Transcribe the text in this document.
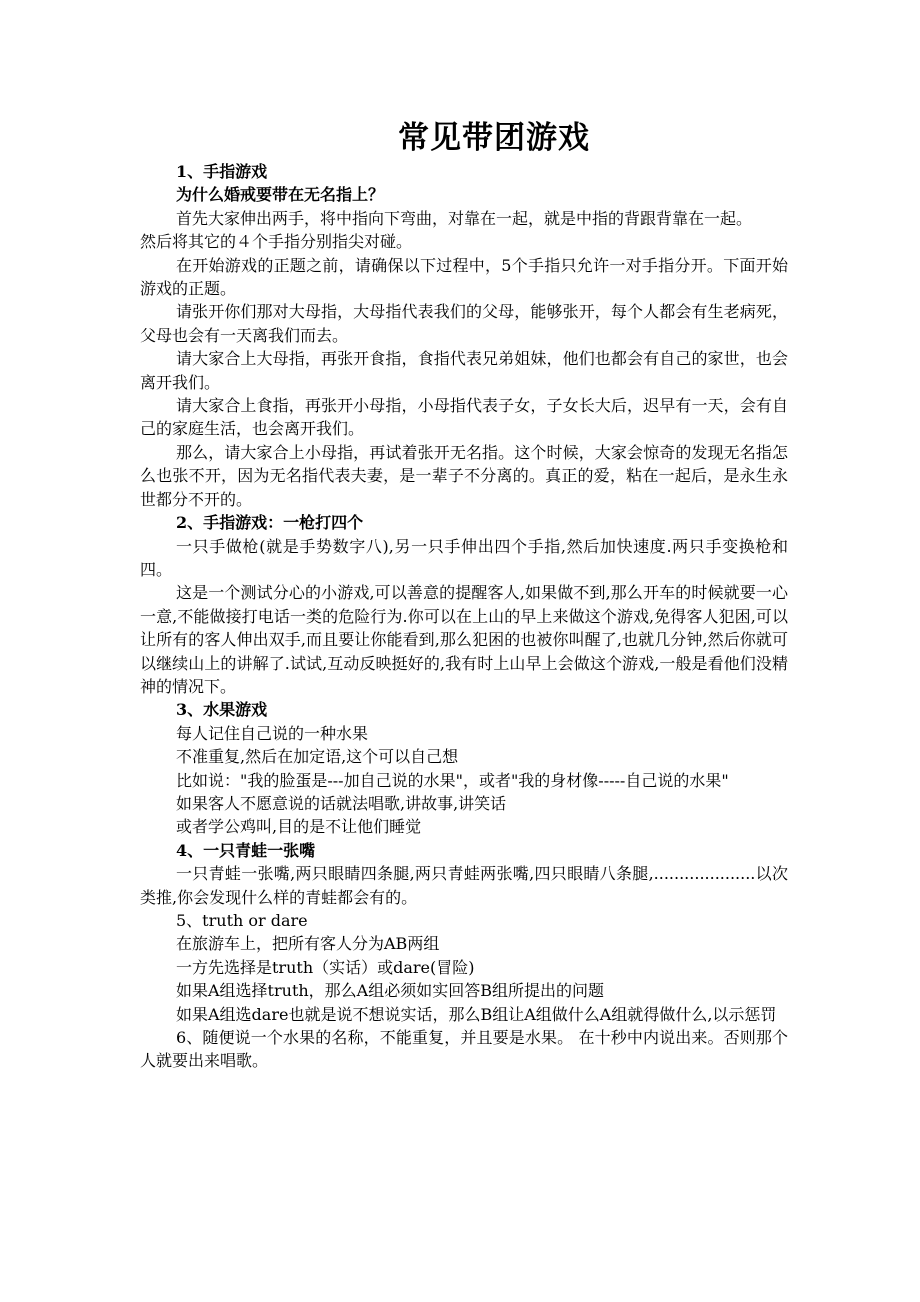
常见带团游戏

1、手指游戏

为什么婚戒要带在无名指上？

首先大家伸出两手，将中指向下弯曲，对靠在一起，就是中指的背跟背靠在一起。

然后将其它的４个手指分别指尖对碰。

在开始游戏的正题之前，请确保以下过程中，5个手指只允许一对手指分开。下面开始游戏的正题。

请张开你们那对大母指，大母指代表我们的父母，能够张开，每个人都会有生老病死，父母也会有一天离我们而去。

请大家合上大母指，再张开食指，食指代表兄弟姐妹，他们也都会有自己的家世，也会离开我们。

请大家合上食指，再张开小母指，小母指代表子女，子女长大后，迟早有一天，会有自己的家庭生活，也会离开我们。

那么，请大家合上小母指，再试着张开无名指。这个时候，大家会惊奇的发现无名指怎么也张不开，因为无名指代表夫妻，是一辈子不分离的。真正的爱，粘在一起后，是永生永世都分不开的。

2、手指游戏：一枪打四个

一只手做枪(就是手势数字八),另一只手伸出四个手指,然后加快速度.两只手变换枪和四。

这是一个测试分心的小游戏,可以善意的提醒客人,如果做不到,那么开车的时候就要一心一意,不能做接打电话一类的危险行为.你可以在上山的早上来做这个游戏,免得客人犯困,可以让所有的客人伸出双手,而且要让你能看到,那么犯困的也被你叫醒了,也就几分钟,然后你就可以继续山上的讲解了.试试,互动反映挺好的,我有时上山早上会做这个游戏,一般是看他们没精神的情况下。

3、水果游戏

每人记住自己说的一种水果

不准重复,然后在加定语,这个可以自己想

比如说："我的脸蛋是---加自己说的水果"，或者"我的身材像-----自己说的水果"

如果客人不愿意说的话就法唱歌,讲故事,讲笑话

或者学公鸡叫,目的是不让他们睡觉

4、一只青蛙一张嘴

一只青蛙一张嘴,两只眼睛四条腿,两只青蛙两张嘴,四只眼睛八条腿,....................以次类推,你会发现什么样的青蛙都会有的。

5、truth or dare

在旅游车上，把所有客人分为AB两组

一方先选择是truth（实话）或dare(冒险)

如果A组选择truth，那么A组必须如实回答B组所提出的问题

如果A组选dare也就是说不想说实话，那么B组让A组做什么A组就得做什么,以示惩罚

6、随便说一个水果的名称，不能重复，并且要是水果。 在十秒中内说出来。否则那个人就要出来唱歌。
